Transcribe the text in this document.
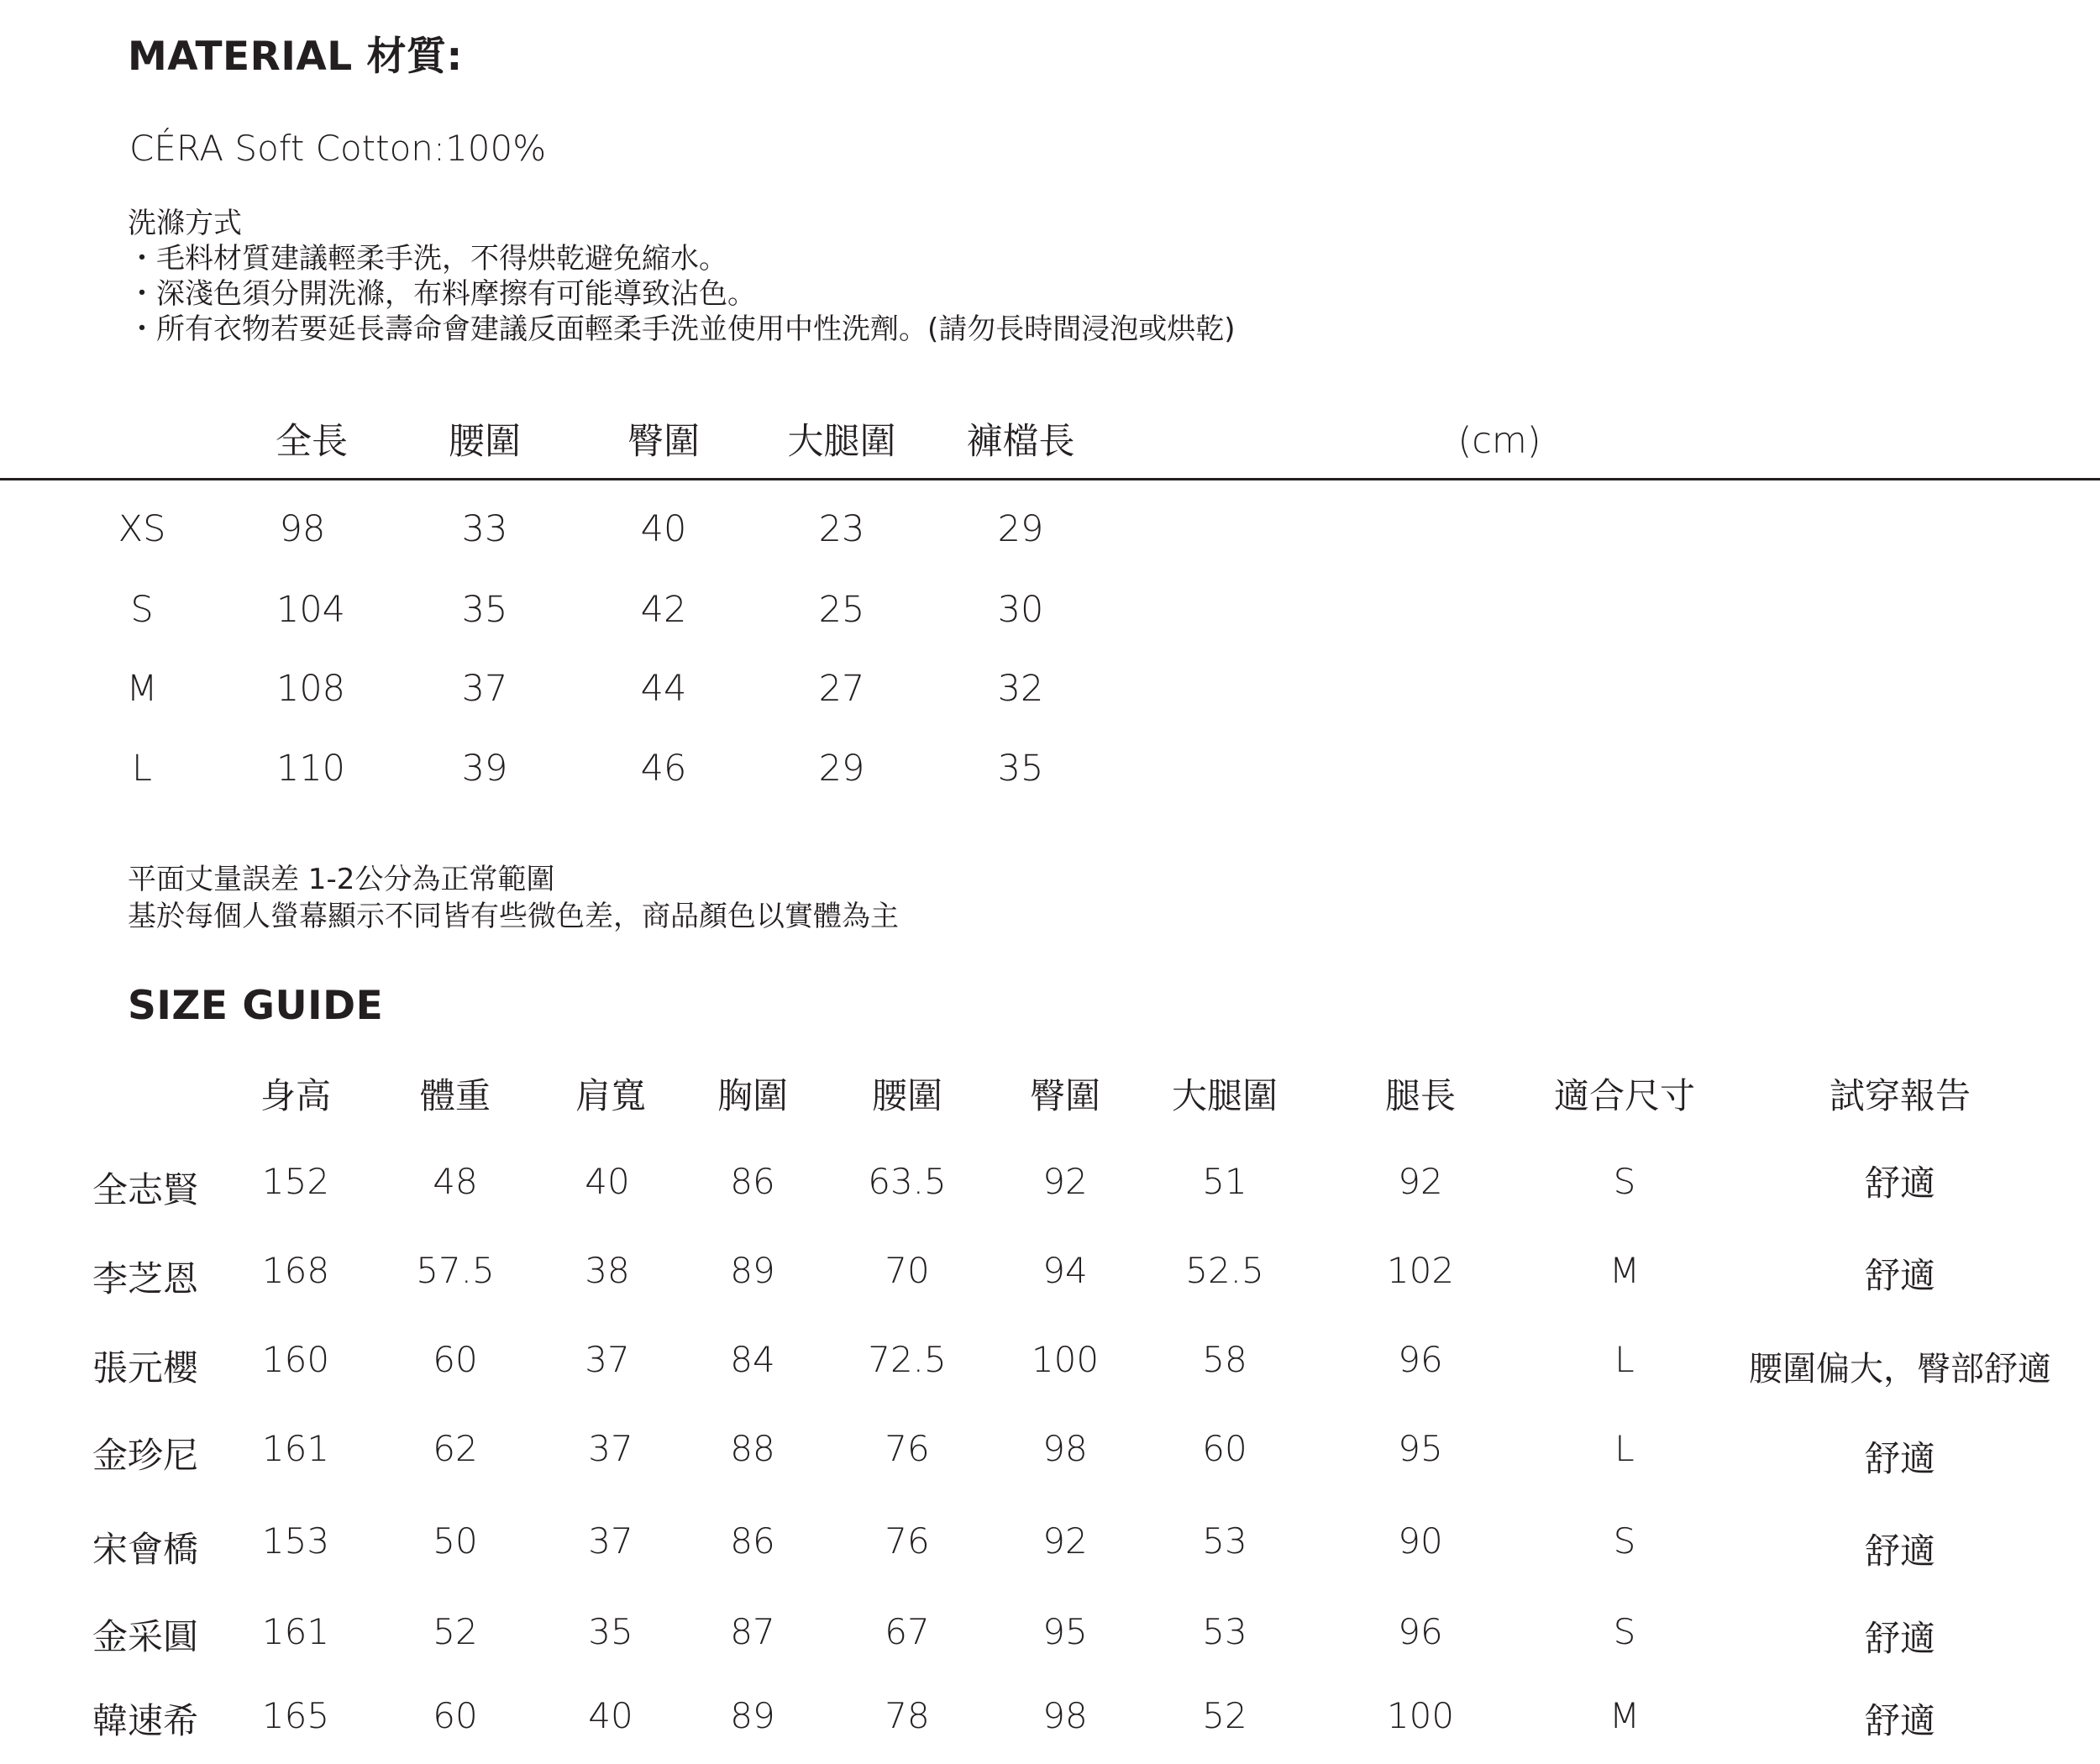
MATERIAL 材質:
CÉRA Soft Cotton:100%
洗滌方式
・毛料材質建議輕柔手洗，不得烘乾避免縮水。
・深淺色須分開洗滌，布料摩擦有可能導致沾色。
・所有衣物若要延長壽命會建議反面輕柔手洗並使用中性洗劑。(請勿長時間浸泡或烘乾)
全長	腰圍	臀圍 大腿圍 褲檔長	(cm)
XS	98	33	40	23	29
S	104	35	42	25	30
M	108	37	44	27	32
L	110	39	46	29	35
平面丈量誤差 1-2公分為正常範圍
基於每個人螢幕顯示不同皆有些微色差，商品顏色以實體為主
SIZE GUIDE
身高	體重 肩寬 胸圍 腰圍 臀圍 大腿圍	腿長	適合尺寸	試穿報告
全志賢 152	48	40	86	63.5	92	51	92	S	舒適
李芝恩 168 57.5	38	89	70	94	52.5	102	M	舒適
張元櫻 160	60	37	84	72.5 100	58	96	L	腰圍偏大，臀部舒適
金珍尼 161	62	37	88	76	98	60	95	L	舒適
宋會橋 153	50	37	86	76	92	53	90	S	舒適
金采圓 161	52	35	87	67	95	53	96	S	舒適
韓速希 165	60	40	89	78	98	52	100	M	舒適
